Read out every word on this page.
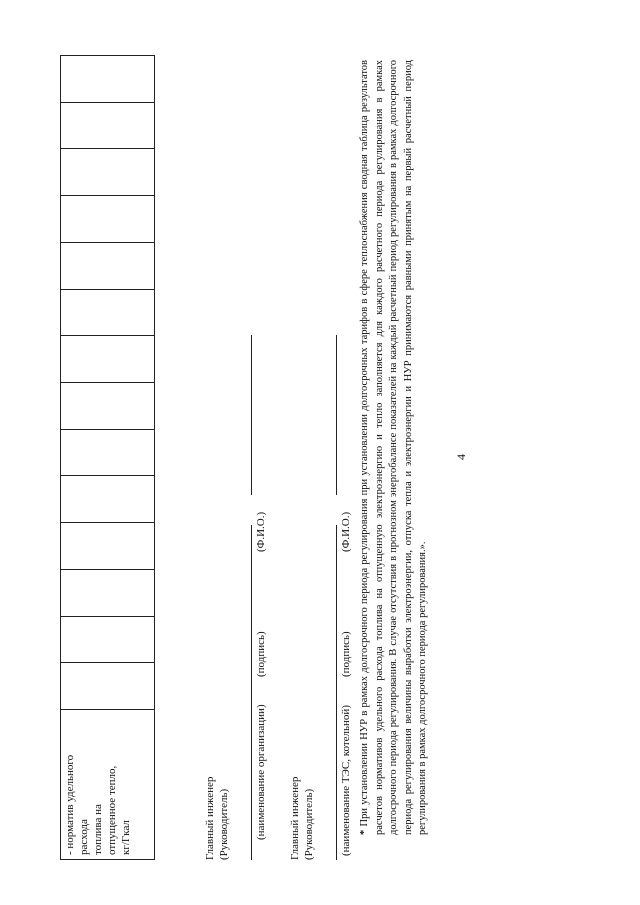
4
- норматив удельного расхода топлива на отпущенное тепло, кг/Гкал	Главный инженер (Руководитель) (наименование организации)
(подпись)
(Ф.И.О.)
Главный инженер (Руководитель) (наименование ТЭС, котельной)
(подпись)
(Ф.И.О.)
* При установлении НУР в рамках долгосрочного периода регулирования при установлении долгосрочных тарифов в сфере теплоснабжения сводная таблица результатов расчетов нормативов удельного расхода топлива на отпущенную электроэнергию и тепло заполняется для каждого расчетного периода регулирования в рамках долгосрочного периода регулирования. В случае отсутствия в прогнозном энергобалансе показателей на каждый расчетный период регулирования в рамках долгосрочного периода регулирования величины выработки электроэнергии, отпуска тепла и электроэнергии и НУР принимаются равными принятым на первый расчетный период регулирования в рамках долгосрочного периода регулирования.».
